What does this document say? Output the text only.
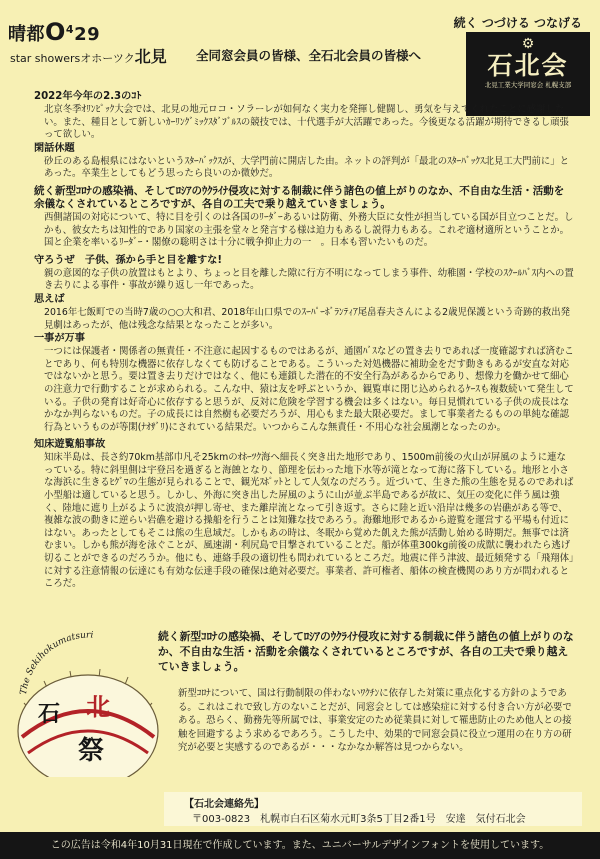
晴都$O^429$
star showersオホーツク北見 全同窓会員の皆様、全石北会員の皆様へ
続く つづける つなげる
⚙
石北会
北見工業大学同窓会 札幌支部

2022年今年の2.3のｺﾄ

北京冬季ｵﾘﾝﾋﾟｯｸ大会では、北見の地元ロコ・ソラーレが如何なく実力を発揮し健闘し、勇気を与えてくれたことに感謝したい。また、種目として新しいｶｰﾘﾝｸﾞﾐｯｸｽﾀﾞﾌﾞﾙｽの競技では、十代選手が大活躍であった。今後更なる活躍が期待できるし頑張って欲しい。

閑話休題

砂丘のある島根県にはないというｽﾀｰﾊﾞｯｸｽが、大学門前に開店した由。ネットの評判が「最北のｽﾀｰﾊﾞｯｸｽ北見工大門前に」とあった。卒業生としてもどう思ったら良いのか微妙だ。

続く新型ｺﾛﾅの感染禍、そしてﾛｼｱのｳｸﾗｲﾅ侵攻に対する制裁に伴う諸色の値上がりのなか、不自由な生活・活動を余儀なくされているところですが、各自の工夫で乗り越えていきましょう。

西側諸国の対応について、特に目を引くのは各国のﾘｰﾀﾞｰあるいは防衛、外務大臣に女性が担当している国が目立つことだ。しかも、彼女たちは知性的であり国家の主張を堂々と発言する様は迫力もあるし説得力もある。これぞ適材適所ということか。国と企業を率いるﾘｰﾀﾞｰ・閣僚の聡明さは十分に戦争抑止力の一　。日本も習いたいものだ。

守ろうぜ　子供、孫から手と目を離すな!

親の意図的な子供の放置はもとより、ちょっと目を離した隙に行方不明になってしまう事件、幼稚園・学校のｽｸｰﾙﾊﾞｽ内への置き去りによる事件・事故が繰り返し一年であった。

思えば

2016年七飯町での当時7歳の○○大和君、2018年山口県でのｽｰﾊﾟｰﾎﾞﾗﾝﾃｨｱ尾畠春夫さんによる2歳児保護という奇跡的救出発見劇はあったが、他は残念な結果となったことが多い。

一事が万事

一つには保護者・関係者の無責任・不注意に起因するものではあるが、通園ﾊﾞｽなどの置き去りであれば一度確認すれば済むことであり、何も特別な機器に依存しなくても防げることである。こういった対処機器に補助金をだす動きもあるが安直な対応ではないかと思う。要は置き去りだけではなく、他にも連鎖した潜在的不安全行為があるからであり、想像力を働かせて細心の注意力で行動することが求められる。こんな中、猿は友を呼ぶというか、観覧車に閉じ込められるｹｰｽも複数続いて発生している。子供の発育は好奇心に依存すると思うが、反対に危険を学習する機会は多くはない。毎日見慣れている子供の成長はなかなか判らないものだ。子の成長には自然樹も必要だろうが、用心もまた最大限必要だ。まして事業者たるものの単純な確認行為というものが等閑(ﾅｵｻﾞﾘ)にされている結果だ。いつからこんな無責任・不用心な社会風潮となったのか。

知床遊覧船事故

知床半島は、長さ約70km基部巾凡そ25kmのｵﾎｰﾂｸ海へ細長く突き出た地形であり、1500m前後の火山が屏風のように連なっている。特に斜里側は宇登呂を過ぎると海蝕となり、節理を伝わった地下水等が滝となって海に落下している。地形と小さな海浜に生きるﾋｸﾞﾏの生態が見られることで、観光ｽﾎﾟｯﾄとして人気なのだろう。近づいて、生きた熊の生態を見るのであれば小型船は適していると思う。しかし、外海に突き出した屏風のように山が並ぶ半島であるが故に、気圧の変化に伴う風は強く、陸地に遮り上がるように波浪が押し寄せ、また離岸流となって引き返す。さらに陸と近い沿岸は幾多の岩礁がある等で、複雑な波の動きに逆らい岩礁を避ける操船を行うことは知難な技であろう。海難地形であるから遊覧を運営する平場も付近にはない。あったとしてもそこは熊の生息域だ。しかもあの時は、冬眠から覚めた飢えた熊が活動し始める時期だ。無事では済むまい。しかも熊が海を泳ぐことが、風速湖・利尻島で目撃されていることだ。船が体重300kg前後の成獣に襲われたら逃げ切ることができるのだろうか。他にも、連絡手段の適切性も問われているところだ。地震に伴う津波、最近頻発する「飛翔体」に対する注意情報の伝達にも有効な伝達手段の確保は絶対必要だ。事業者、許可権者、船体の検査機関のあり方が問われるところだ。

The Sekihokumatsuri
石 北
祭
続く新型ｺﾛﾅの感染禍、そしてﾛｼｱのｳｸﾗｲﾅ侵攻に対する制裁に伴う諸色の値上がりのなか、不自由な生活・活動を余儀なくされているところですが、各自の工夫で乗り越えていきましょう。
新型ｺﾛﾅについて、国は行動制限の伴わないﾜｸﾁﾝに依存した対策に重点化する方針のようである。これはこれで致し方のないことだが、同窓会としては感染症に対する付き合い方が必要である。恐らく、勤務先等所属では、事業安定のため従業員に対して罹患防止のため他人との接触を回避するよう求めるであろう。こうした中、効果的で同窓会員に役立つ運用の在り方の研究が必要と実感するのであるが・・・なかなか解答は見つからない。
【石北会連絡先】
〒003-0823　札幌市白石区菊水元町3条5丁目2番1号　安達　気付石北会
この広告は令和4年10月31日現在で作成しています。また、ユニバーサルデザインフォントを使用しています。
